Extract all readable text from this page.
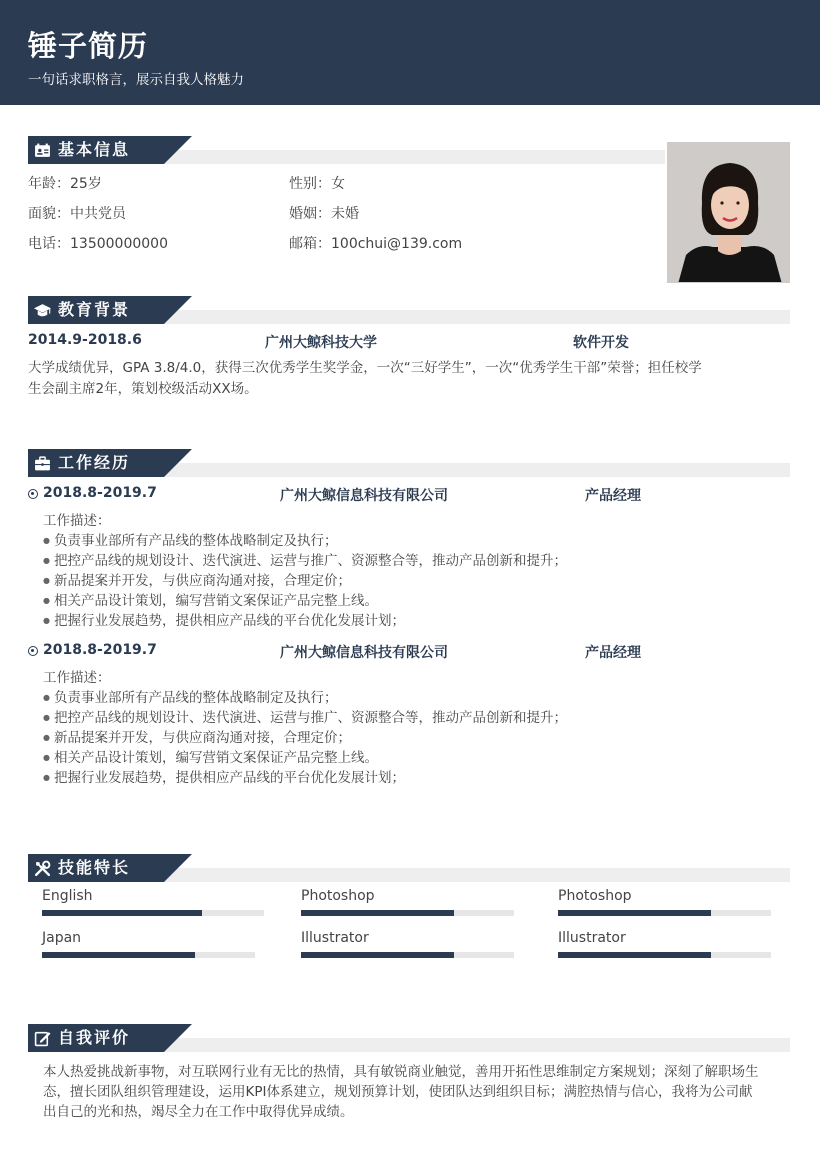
锤子简历
一句话求职格言，展示自我人格魅力
基本信息
年龄：25岁	性别：女
面貌：中共党员	婚姻：未婚
电话：13500000000	邮箱：100chui@139.com
教育背景
2014.9-2018.6	广州大鲸科技大学	软件开发
大学成绩优异，GPA 3.8/4.0，获得三次优秀学生奖学金，一次“三好学生”，一次“优秀学生干部”荣誉；担任校学
生会副主席2年，策划校级活动XX场。
工作经历
2018.8-2019.7	广州大鲸信息科技有限公司	产品经理
工作描述：
● 负责事业部所有产品线的整体战略制定及执行；
● 把控产品线的规划设计、迭代演进、运营与推广、资源整合等，推动产品创新和提升；
● 新品提案并开发，与供应商沟通对接，合理定价；
● 相关产品设计策划，编写营销文案保证产品完整上线。
● 把握行业发展趋势，提供相应产品线的平台优化发展计划；
2018.8-2019.7	广州大鲸信息科技有限公司	产品经理
工作描述：
● 负责事业部所有产品线的整体战略制定及执行；
● 把控产品线的规划设计、迭代演进、运营与推广、资源整合等，推动产品创新和提升；
● 新品提案并开发，与供应商沟通对接，合理定价；
● 相关产品设计策划，编写营销文案保证产品完整上线。
● 把握行业发展趋势，提供相应产品线的平台优化发展计划；
技能特长
English	Photoshop	Photoshop
Japan	Illustrator	Illustrator
自我评价
本人热爱挑战新事物，对互联网行业有无比的热情，具有敏锐商业触觉，善用开拓性思维制定方案规划；深刻了解职场生
态，擅长团队组织管理建设，运用KPI体系建立，规划预算计划，使团队达到组织目标；满腔热情与信心，我将为公司献
出自己的光和热，竭尽全力在工作中取得优异成绩。
